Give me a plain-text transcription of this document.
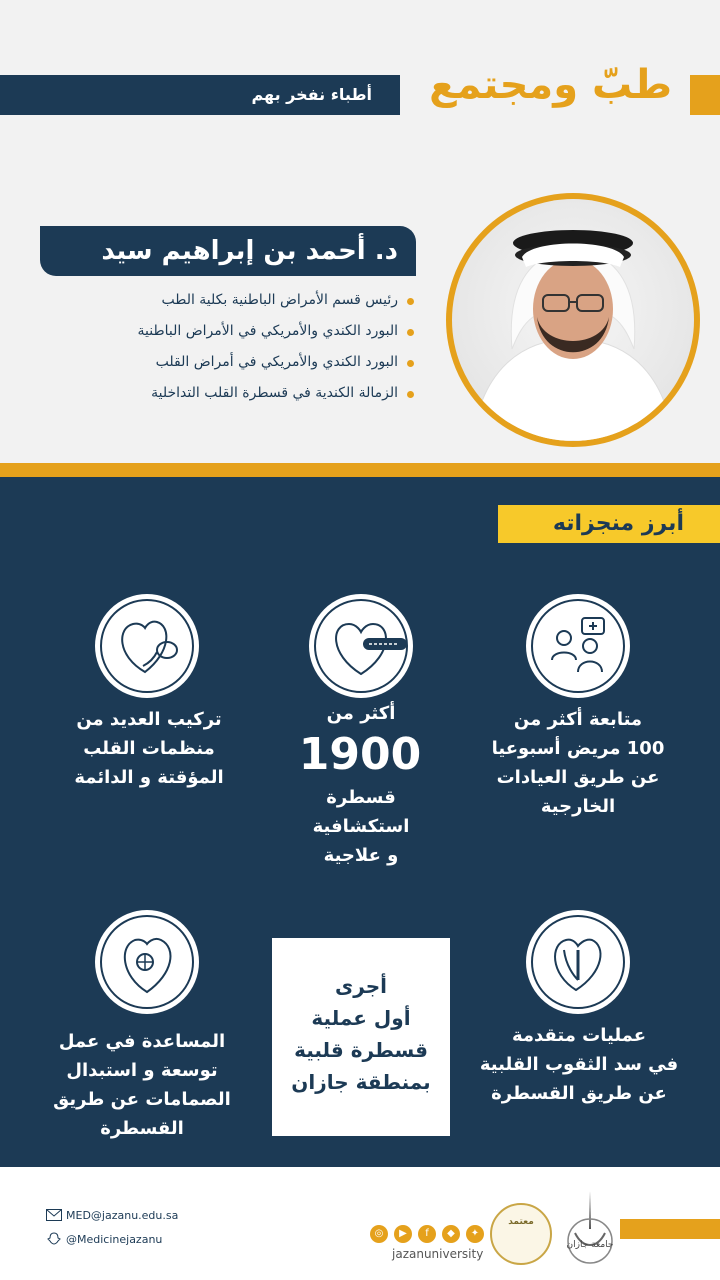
أطباء نفخر بهم طبّ ومجتمع
د. أحمد بن إبراهيم سيد
رئيس قسم الأمراض الباطنية بكلية الطب
البورد الكندي والأمريكي في الأمراض الباطنية
البورد الكندي والأمريكي في أمراض القلب
الزمالة الكندية في قسطرة القلب التداخلية
أبرز منجزاته
متابعة أكثر من
100 مريض أسبوعيا
عن طريق العيادات
الخارجية
أكثر من
1900
قسطرة
استكشافية
و علاجية
تركيب العديد من
منظمات القلب
المؤقتة و الدائمة
عمليات متقدمة
في سد الثقوب القلبية
عن طريق القسطرة

أجرى

أول عملية

قسطرة قلبية

بمنطقة جازان

المساعدة في عمل
توسعة و استبدال
الصمامات عن طريق
القسطرة
MED@jazanu.edu.sa
@Medicinejazanu	◎	▶	f	◆	✦
jazanuniversity
معتمد
جامعة جازان
